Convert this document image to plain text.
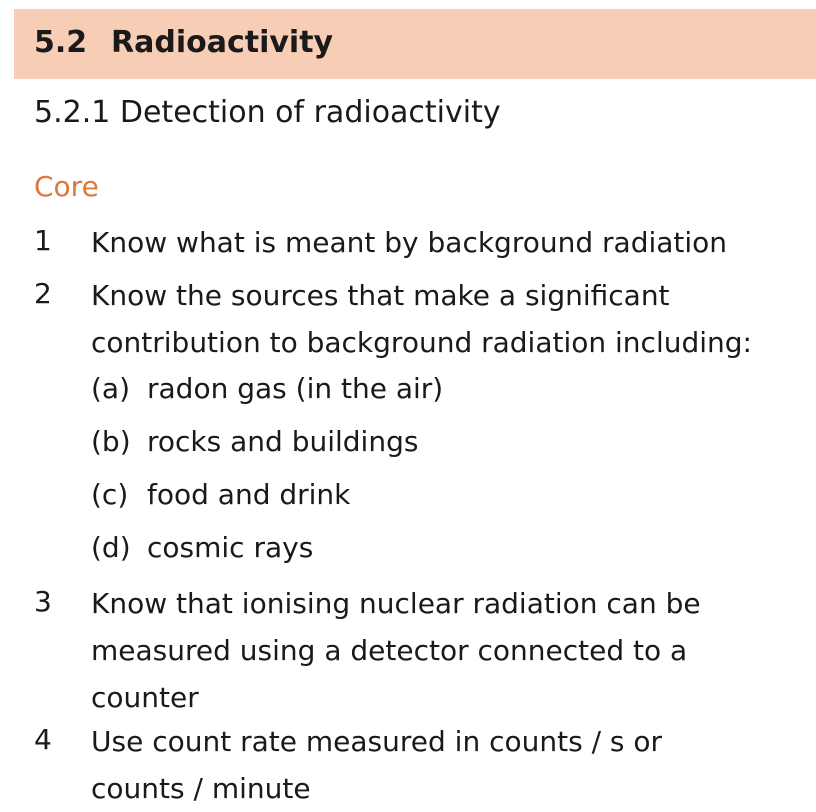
5.2 Radioactivity
5.2.1 Detection of radioactivity
Core
1 Know what is meant by background radiation
2 Know the sources that make a significant
contribution to background radiation including:
(a) radon gas (in the air)
(b) rocks and buildings
(c) food and drink
(d) cosmic rays
3 Know that ionising nuclear radiation can be
measured using a detector connected to a
counter
4 Use count rate measured in counts / s or
counts / minute
